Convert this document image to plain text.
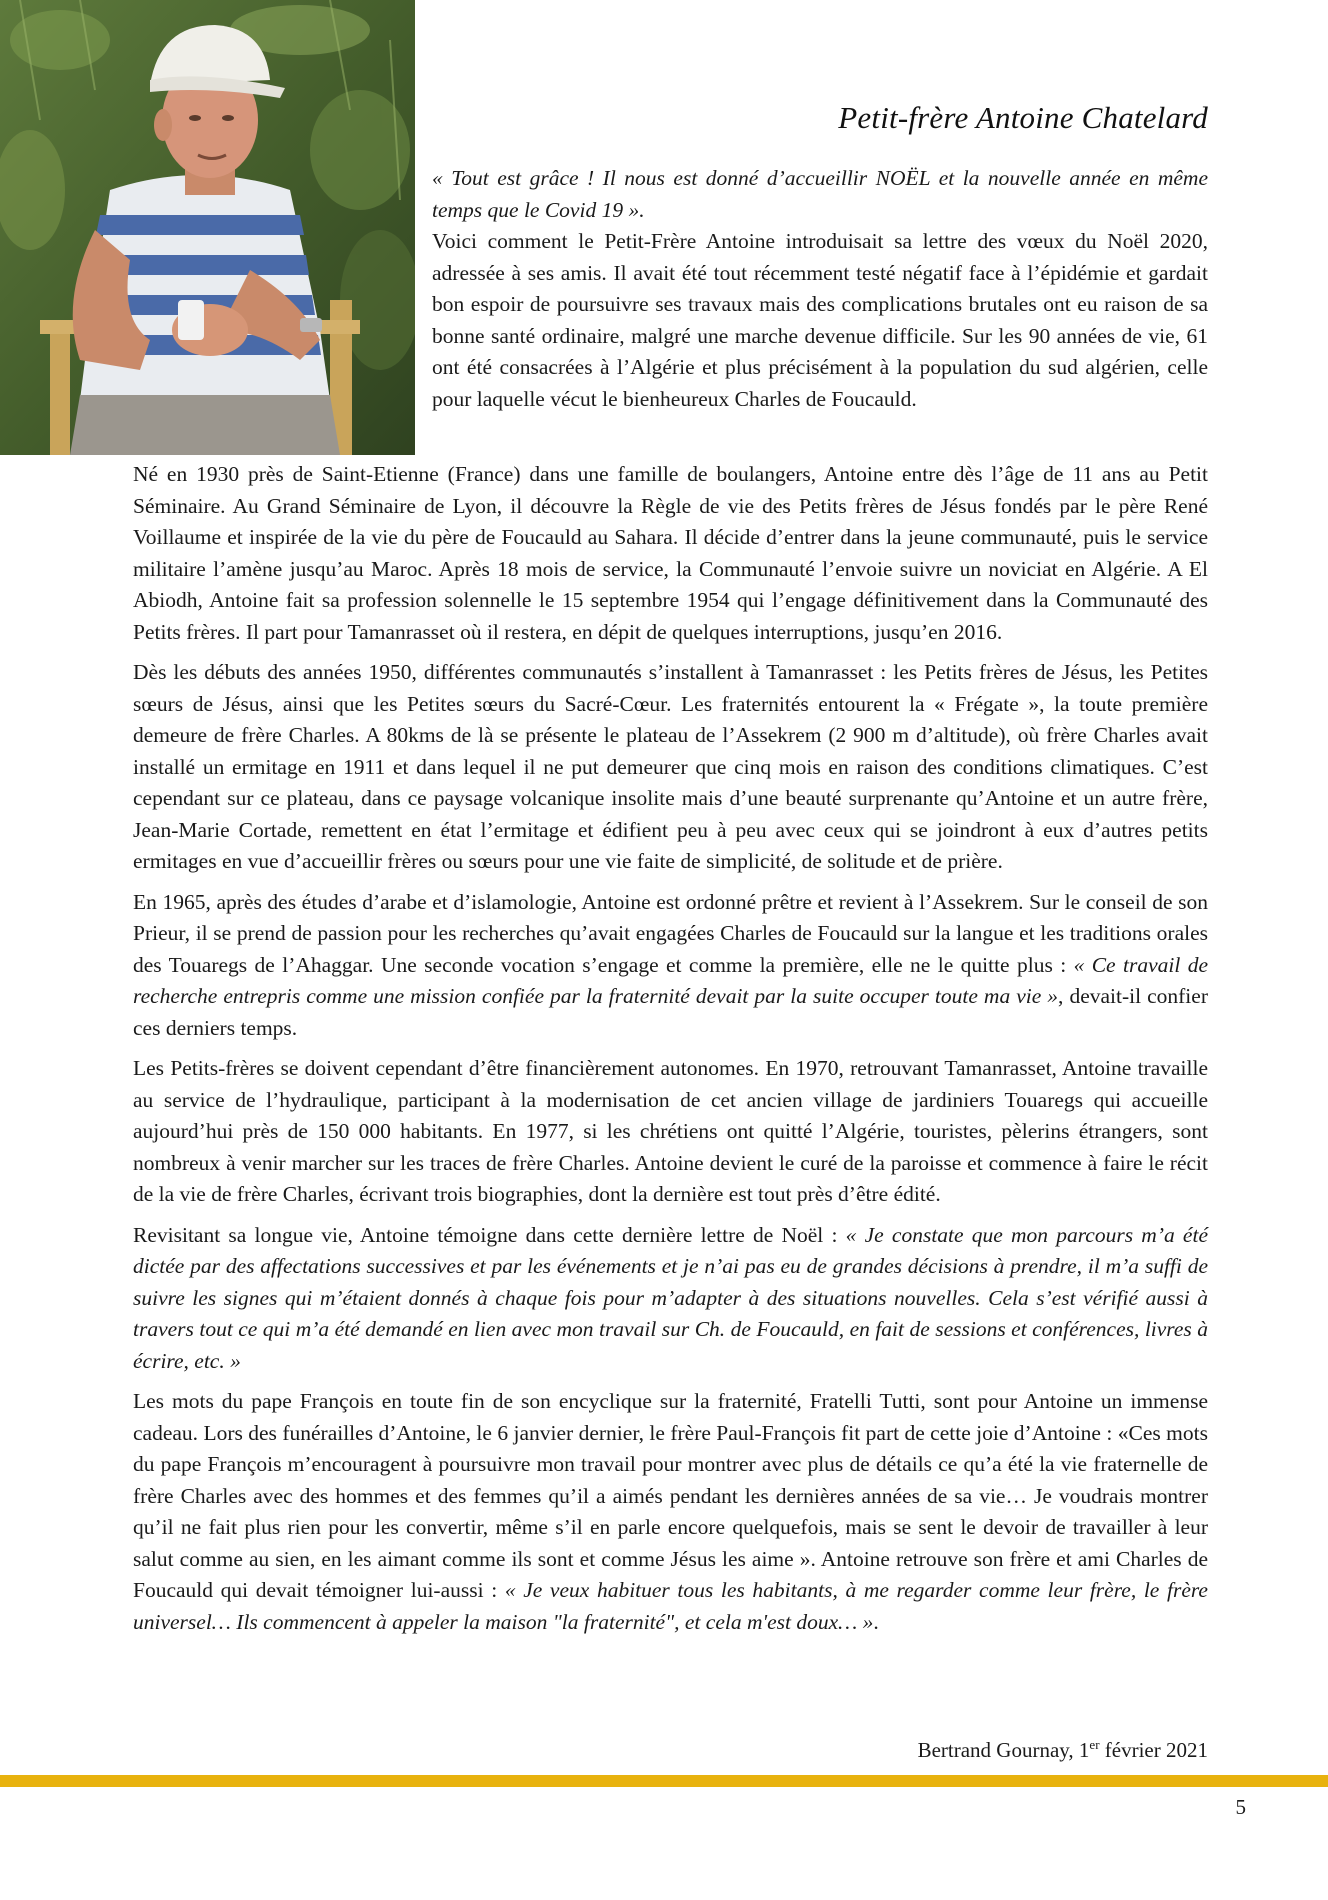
Petit-frère Antoine Chatelard
« Tout est grâce ! Il nous est donné d’accueillir NOËL et la nouvelle année en même temps que le Covid 19 ».
Voici comment le Petit-Frère Antoine introduisait sa lettre des vœux du Noël 2020, adressée à ses amis. Il avait été tout récemment testé négatif face à l’épidémie et gardait bon espoir de poursuivre ses travaux mais des complications brutales ont eu raison de sa bonne santé ordinaire, malgré une marche devenue difficile. Sur les 90 années de vie, 61 ont été consacrées à l’Algérie et plus précisément à la population du sud algérien, celle pour laquelle vécut le bienheureux Charles de Foucauld.

Né en 1930 près de Saint-Etienne (France) dans une famille de boulangers, Antoine entre dès l’âge de 11 ans au Petit Séminaire. Au Grand Séminaire de Lyon, il découvre la Règle de vie des Petits frères de Jésus fondés par le père René Voillaume et inspirée de la vie du père de Foucauld au Sahara. Il décide d’entrer dans la jeune communauté, puis le service militaire l’amène jusqu’au Maroc. Après 18 mois de service, la Communauté l’envoie suivre un noviciat en Algérie. A El Abiodh, Antoine fait sa profession solennelle le 15 septembre 1954 qui l’engage définitivement dans la Communauté des Petits frères. Il part pour Tamanrasset où il restera, en dépit de quelques interruptions, jusqu’en 2016.

Dès les débuts des années 1950, différentes communautés s’installent à Tamanrasset : les Petits frères de Jésus, les Petites sœurs de Jésus, ainsi que les Petites sœurs du Sacré-Cœur. Les fraternités entourent la « Frégate », la toute première demeure de frère Charles. A 80kms de là se présente le plateau de l’Assekrem (2 900 m d’altitude), où frère Charles avait installé un ermitage en 1911 et dans lequel il ne put demeurer que cinq mois en raison des conditions climatiques. C’est cependant sur ce plateau, dans ce paysage volcanique insolite mais d’une beauté surprenante qu’Antoine et un autre frère, Jean-Marie Cortade, remettent en état l’ermitage et édifient peu à peu avec ceux qui se joindront à eux d’autres petits ermitages en vue d’accueillir frères ou sœurs pour une vie faite de simplicité, de solitude et de prière.

En 1965, après des études d’arabe et d’islamologie, Antoine est ordonné prêtre et revient à l’Assekrem. Sur le conseil de son Prieur, il se prend de passion pour les recherches qu’avait engagées Charles de Foucauld sur la langue et les traditions orales des Touaregs de l’Ahaggar. Une seconde vocation s’engage et comme la première, elle ne le quitte plus : « Ce travail de recherche entrepris comme une mission confiée par la fraternité devait par la suite occuper toute ma vie », devait-il confier ces derniers temps.

Les Petits-frères se doivent cependant d’être financièrement autonomes. En 1970, retrouvant Tamanrasset, Antoine travaille au service de l’hydraulique, participant à la modernisation de cet ancien village de jardiniers Touaregs qui accueille aujourd’hui près de 150 000 habitants. En 1977, si les chrétiens ont quitté l’Algérie, touristes, pèlerins étrangers, sont nombreux à venir marcher sur les traces de frère Charles. Antoine devient le curé de la paroisse et commence à faire le récit de la vie de frère Charles, écrivant trois biographies, dont la dernière est tout près d’être édité.

Revisitant sa longue vie, Antoine témoigne dans cette dernière lettre de Noël : « Je constate que mon parcours m’a été dictée par des affectations successives et par les événements et je n’ai pas eu de grandes décisions à prendre, il m’a suffi de suivre les signes qui m’étaient donnés à chaque fois pour m’adapter à des situations nouvelles. Cela s’est vérifié aussi à travers tout ce qui m’a été demandé en lien avec mon travail sur Ch. de Foucauld, en fait de sessions et conférences, livres à écrire, etc. »

Les mots du pape François en toute fin de son encyclique sur la fraternité, Fratelli Tutti, sont pour Antoine un immense cadeau. Lors des funérailles d’Antoine, le 6 janvier dernier, le frère Paul-François fit part de cette joie d’Antoine : «Ces mots du pape François m’encouragent à poursuivre mon travail pour montrer avec plus de détails ce qu’a été la vie fraternelle de frère Charles avec des hommes et des femmes qu’il a aimés pendant les dernières années de sa vie… Je voudrais montrer qu’il ne fait plus rien pour les convertir, même s’il en parle encore quelquefois, mais se sent le devoir de travailler à leur salut comme au sien, en les aimant comme ils sont et comme Jésus les aime ». Antoine retrouve son frère et ami Charles de Foucauld qui devait témoigner lui-aussi : « Je veux habituer tous les habitants, à me regarder comme leur frère, le frère universel… Ils commencent à appeler la maison "la fraternité", et cela m'est doux… ».

Bertrand Gournay, 1er février 2021
5
